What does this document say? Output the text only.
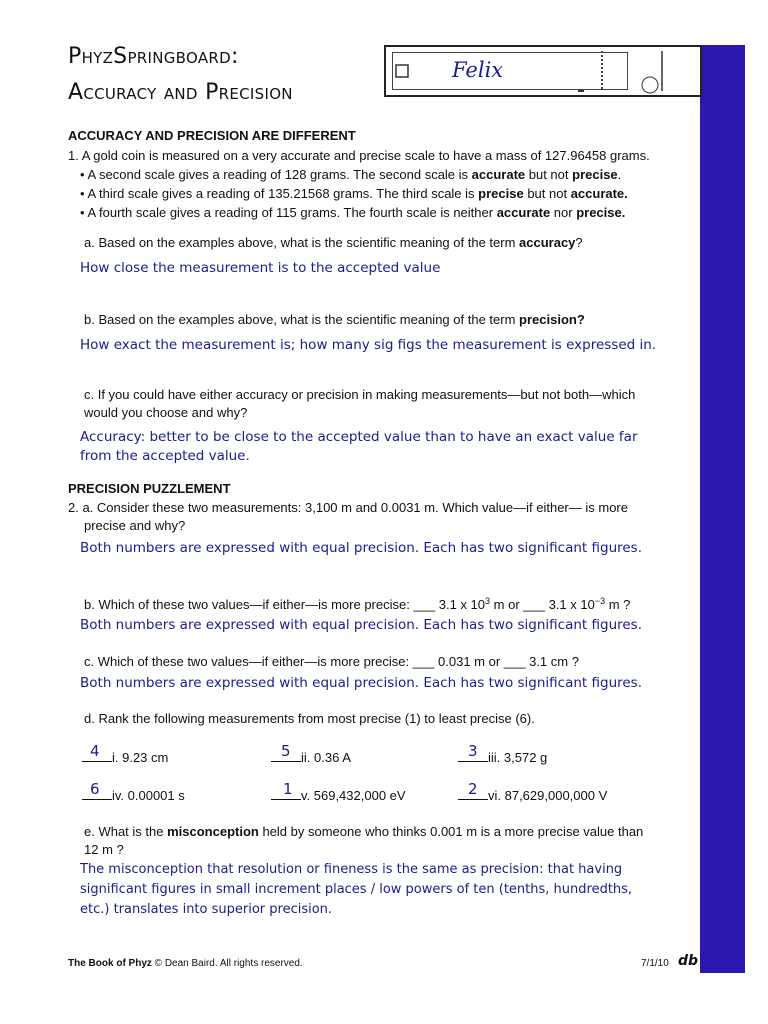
PhyzSpringboard:
Accuracy and Precision
Felix
ACCURACY AND PRECISION ARE DIFFERENT
1. A gold coin is measured on a very accurate and precise scale to have a mass of 127.96458 grams.
• A second scale gives a reading of 128 grams. The second scale is accurate but not precise.
• A third scale gives a reading of 135.21568 grams. The third scale is precise but not accurate.
• A fourth scale gives a reading of 115 grams. The fourth scale is neither accurate nor precise.
a. Based on the examples above, what is the scientific meaning of the term accuracy?
How close the measurement is to the accepted value
b. Based on the examples above, what is the scientific meaning of the term precision?
How exact the measurement is; how many sig figs the measurement is expressed in.
c. If you could have either accuracy or precision in making measurements—but not both—which
would you choose and why?
Accuracy: better to be close to the accepted value than to have an exact value far
from the accepted value.
PRECISION PUZZLEMENT
2. a. Consider these two measurements: 3,100 m and 0.0031 m. Which value—if either— is more
precise and why?
Both numbers are expressed with equal precision. Each has two significant figures.
b. Which of these two values—if either—is more precise: ___ 3.1 x $10^3$ m or ___ 3.1 x $10^{-3}$ m ?
Both numbers are expressed with equal precision. Each has two significant figures.
c. Which of these two values—if either—is more precise: ___ 0.031 m or ___ 3.1 cm ?
Both numbers are expressed with equal precision. Each has two significant figures.
d. Rank the following measurements from most precise (1) to least precise (6).
4 i. 9.23 cm	5 ii. 0.36 A	3 iii. 3,572 g
6 iv. 0.00001 s	1 v. 569,432,000 eV	2 vi. 87,629,000,000 V
e. What is the misconception held by someone who thinks 0.001 m is a more precise value than
12 m ?
The misconception that resolution or fineness is the same as precision: that having
significant figures in small increment places / low powers of ten (tenths, hundredths,
etc.) translates into superior precision.
The Book of Phyz © Dean Baird. All rights reserved.	7/1/10 db
